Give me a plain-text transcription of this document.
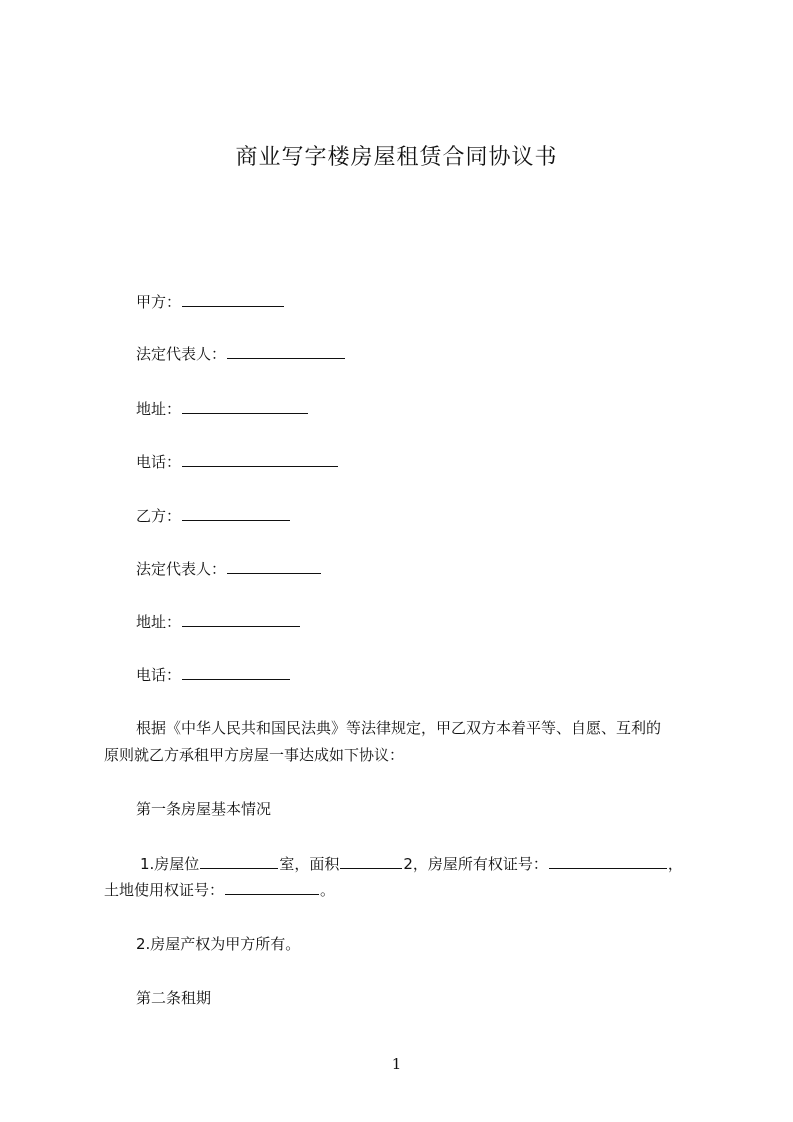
商业写字楼房屋租赁合同协议书
甲方：
法定代表人：
地址：
电话：
乙方：
法定代表人：
地址：
电话：
根据《中华人民共和国民法典》等法律规定，甲乙双方本着平等、自愿、互利的
原则就乙方承租甲方房屋一事达成如下协议：
第一条房屋基本情况
1.房屋位	室，面积	2，房屋所有权证号：	，
土地使用权证号：	。
2.房屋产权为甲方所有。
第二条租期
1
